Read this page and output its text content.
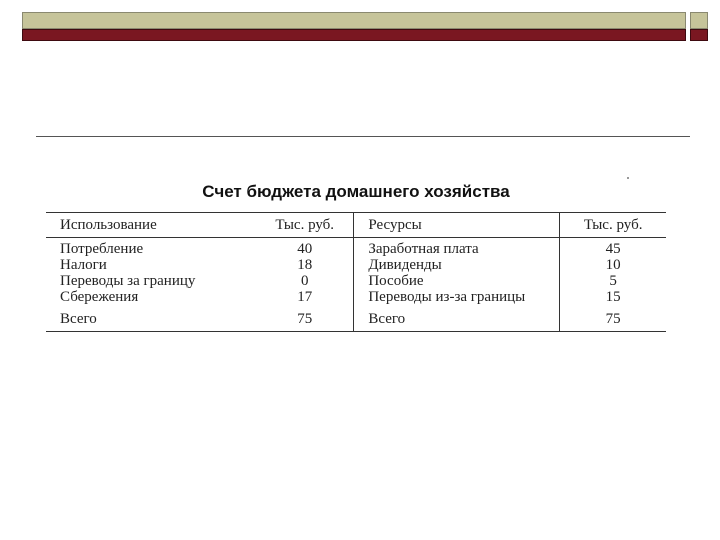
Счет бюджета домашнего хозяйства
Использование	Тыс. руб.	Ресурсы	Тыс. руб.
Потребление	40	Заработная плата	45
Налоги	18	Дивиденды	10
Переводы за границу	0	Пособие	5
Сбережения	17	Переводы из-за границы	15

Всего	75	Всего	75
